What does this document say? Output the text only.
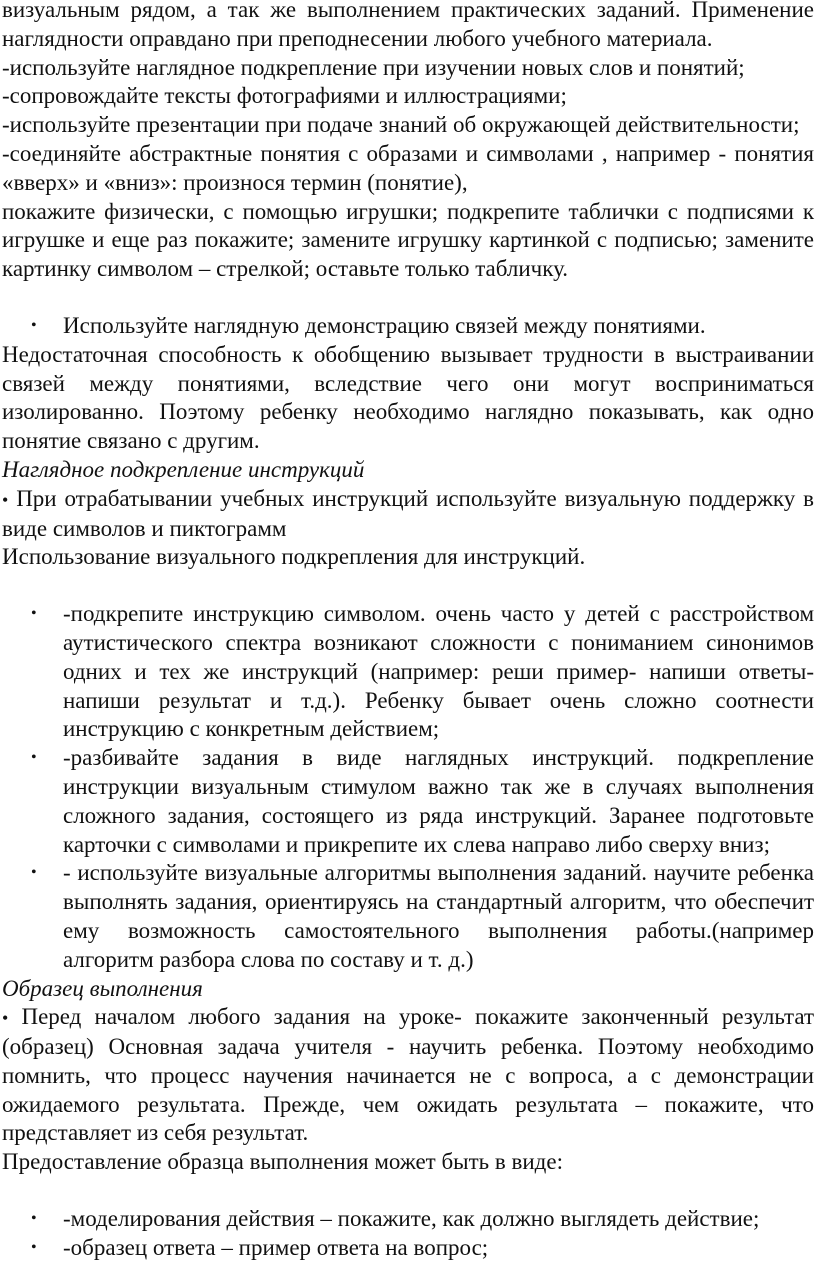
визуальным рядом, а так же выполнением практических заданий. Применение наглядности оправдано при преподнесении любого учебного материала.

-используйте наглядное подкрепление при изучении новых слов и понятий;

-сопровождайте тексты фотографиями и иллюстрациями;

-используйте презентации при подаче знаний об окружающей действительности;

-соединяйте абстрактные понятия с образами и символами , например - понятия «вверх» и «вниз»: произнося термин (понятие),

покажите физически, с помощью игрушки; подкрепите таблички с подписями к игрушке и еще раз покажите; замените игрушку картинкой с подписью; замените картинку символом – стрелкой; оставьте только табличку.

• Используйте наглядную демонстрацию связей между понятиями.

Недостаточная способность к обобщению вызывает трудности в выстраивании связей между понятиями, вследствие чего они могут восприниматься изолированно. Поэтому ребенку необходимо наглядно показывать, как одно понятие связано с другим.

Наглядное подкрепление инструкций

• При отрабатывании учебных инструкций используйте визуальную поддержку в виде символов и пиктограмм

Использование визуального подкрепления для инструкций.

• -подкрепите инструкцию символом. очень часто у детей с расстройством аутистического спектра возникают сложности с пониманием синонимов одних и тех же инструкций (например: реши пример- напиши ответы- напиши результат и т.д.). Ребенку бывает очень сложно соотнести инструкцию с конкретным действием;
• -разбивайте задания в виде наглядных инструкций. подкрепление инструкции визуальным стимулом важно так же в случаях выполнения сложного задания, состоящего из ряда инструкций. Заранее подготовьте карточки с символами и прикрепите их слева направо либо сверху вниз;
• - используйте визуальные алгоритмы выполнения заданий. научите ребенка выполнять задания, ориентируясь на стандартный алгоритм, что обеспечит ему возможность самостоятельного выполнения работы.(например алгоритм разбора слова по составу и т. д.)

Образец выполнения

• Перед началом любого задания на уроке- покажите законченный результат (образец) Основная задача учителя - научить ребенка. Поэтому необходимо помнить, что процесс научения начинается не с вопроса, а с демонстрации ожидаемого результата. Прежде, чем ожидать результата – покажите, что представляет из себя результат.

Предоставление образца выполнения может быть в виде:

• -моделирования действия – покажите, как должно выглядеть действие;
• -образец ответа – пример ответа на вопрос;
